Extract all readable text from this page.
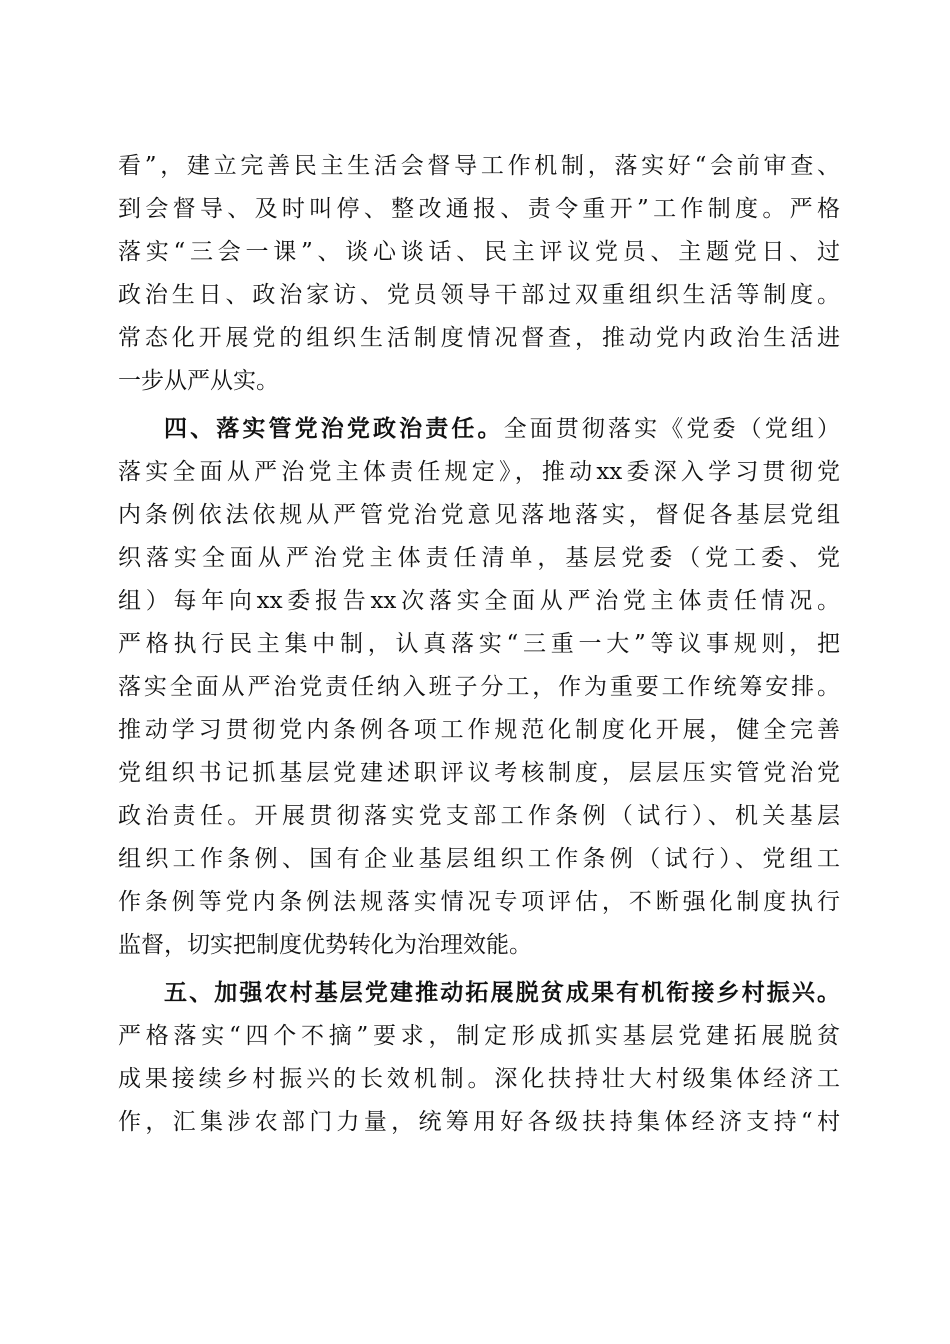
看”，建立完善民主生活会督导工作机制，落实好“会前审查、

到会督导、及时叫停、整改通报、责令重开”工作制度。严格

落实“三会一课”、谈心谈话、民主评议党员、主题党日、过

政治生日、政治家访、党员领导干部过双重组织生活等制度。

常态化开展党的组织生活制度情况督查，推动党内政治生活进

一步从严从实。

四、落实管党治党政治责任。全面贯彻落实《党委（党组）

落实全面从严治党主体责任规定》，推动xx委深入学习贯彻党

内条例依法依规从严管党治党意见落地落实，督促各基层党组

织落实全面从严治党主体责任清单，基层党委（党工委、党

组）每年向xx委报告xx次落实全面从严治党主体责任情况。

严格执行民主集中制，认真落实“三重一大”等议事规则，把

落实全面从严治党责任纳入班子分工，作为重要工作统筹安排。

推动学习贯彻党内条例各项工作规范化制度化开展，健全完善

党组织书记抓基层党建述职评议考核制度，层层压实管党治党

政治责任。开展贯彻落实党支部工作条例（试行）、机关基层

组织工作条例、国有企业基层组织工作条例（试行）、党组工

作条例等党内条例法规落实情况专项评估，不断强化制度执行

监督，切实把制度优势转化为治理效能。

五、加强农村基层党建推动拓展脱贫成果有机衔接乡村振兴。

严格落实“四个不摘”要求，制定形成抓实基层党建拓展脱贫

成果接续乡村振兴的长效机制。深化扶持壮大村级集体经济工

作，汇集涉农部门力量，统筹用好各级扶持集体经济支持“村
